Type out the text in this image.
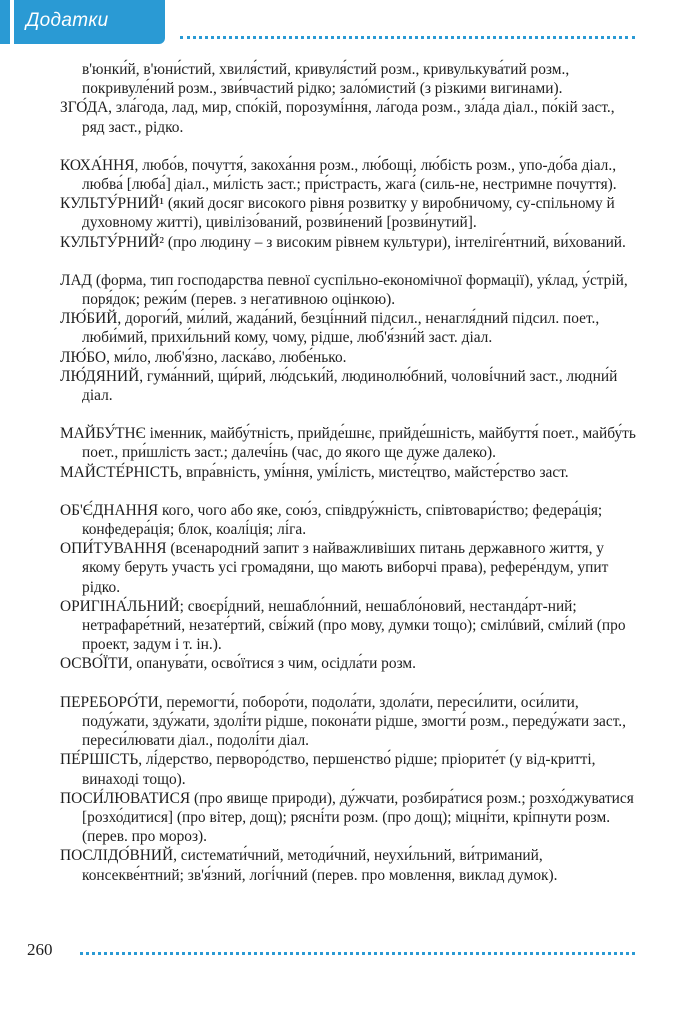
Додатки

в'юнки́й, в'юни́стий, хвиля́стий, кривуля́стий розм., кривулькува́тий розм., покривуле́ний розм., зви́вчастий рідко; зало́мистий (з різкими вигинами).

ЗГО́ДА, зла́года, лад, мир, спо́кій, порозумі́ння, ла́года розм., зла́да діал., по́кій заст., ряд заст., рідко.

КОХА́ННЯ, любо́в, почуття́, закоха́ння розм., лю́бощі, лю́бість розм., упо-до́ба діал., любва́ [люба́] діал., ми́лість заст.; при́страсть, жага́ (силь-не, нестримне почуття).

КУЛЬТУ́РНИЙ¹ (який досяг високого рівня розвитку у виробничому, су-спільному й духовному житті), цивілізо́ваний, розви́нений [розви́нутий].

КУЛЬТУ́РНИЙ² (про людину – з високим рівнем культури), інтеліге́нтний, ви́хований.

ЛАД (форма, тип господарства певної суспільно-економічної формації), уќлад, у́стрій, поря́док; режи́м (перев. з негативною оцінкою).

ЛЮ́БИЙ, дороги́й, ми́лий, жада́ний, безці́нний підсил., ненагля́дний підсил. поет., люби́мий, прихи́льний кому, чому, рідше, люб'я́зни́й заст. діал.

ЛЮ́БО, ми́ло, люб'я́зно, ласка́во, любе́нько.

ЛЮ́ДЯНИЙ, гума́нний, щи́рий, лю́дськи́й, людинолю́бний, чолові́чний заст., людни́й діал.

МАЙБУ́ТНЄ іменник, майбу́тність, прийде́шнє, прийде́шність, майбуття́ поет., майбу́ть поет., при́шлість заст.; далечі́нь (час, до якого ще дуже далеко).

МАЙСТЕ́РНІСТЬ, впра́вність, умі́ння, умі́лість, мисте́цтво, майсте́рство заст.

ОБ'Є́ДНАННЯ кого, чого або яке, сою́з, співдру́жність, співтовари́ство; федера́ція; конфедера́ція; блок, коалі́ція; лі́га.

ОПИ́ТУВАННЯ (всенародний запит з найважливіших питань державного життя, у якому беруть участь усі громадяни, що мають виборчі права), рефере́ндум, упит рідко.

ОРИГІНА́ЛЬНИЙ; своєрі́дний, нешабло́нний, нешабло́новий, нестанда́рт-ний; нетрафаре́тний, незате́ртий, сві́жий (про мову, думки тощо); смілúвий, смі́лий (про проект, задум і т. ін.).

ОСВО́ЇТИ, опанува́ти, осво́їтися з чим, осідла́ти розм.

ПЕРЕБОРО́ТИ, перемогти́, поборо́ти, подола́ти, здола́ти, переси́лити, оси́лити, поду́жати, зду́жати, здолі́ти рідше, покона́ти рідше, змогти́ розм., переду́жати заст., переси́лювати діал., подолі́ти діал.

ПЕ́РШІСТЬ, лі́дерство, первоpо́дство, першенство́ рідше; пріорите́т (у від-критті, винаході тощо).

ПОСИ́ЛЮВАТИСЯ (про явище природи), ду́жчати, розбира́тися розм.; розхо́джуватися [розхо́дитися] (про вітер, дощ); рясні́ти розм. (про дощ); міцні́ти, крі́пнути розм. (перев. про мороз).

ПОСЛІДО́ВНИЙ, системати́чний, методи́чний, неухи́льний, ви́триманий, консекве́нтний; зв'я́зний, логі́чний (перев. про мовлення, виклад думок).

260
